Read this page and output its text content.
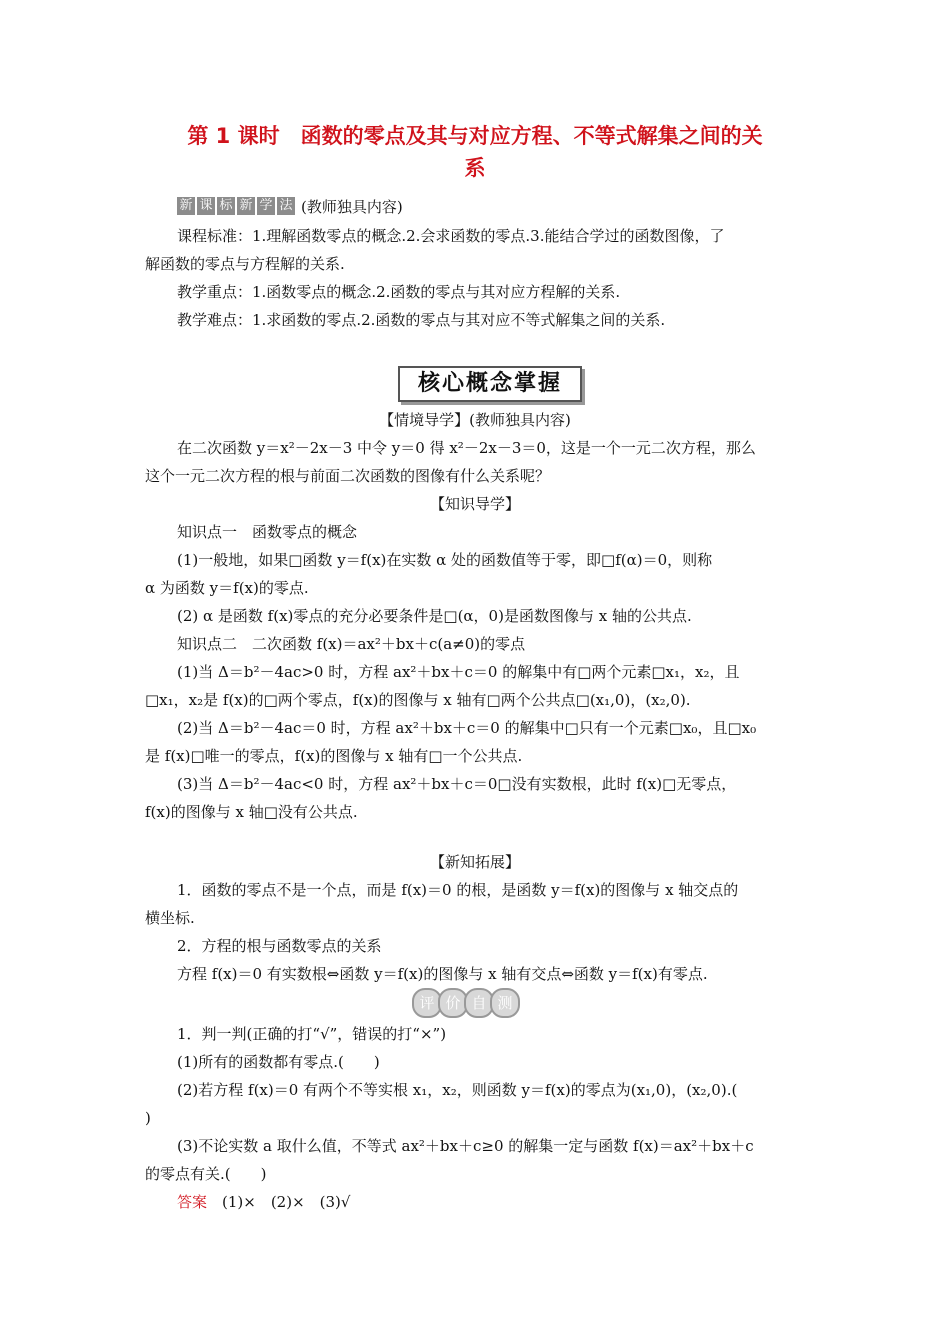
第 1 课时　函数的零点及其与对应方程、不等式解集之间的关
系
新 课 标 新 学 法 (教师独具内容)
课程标准：1.理解函数零点的概念.2.会求函数的零点.3.能结合学过的函数图像，了
解函数的零点与方程解的关系.
教学重点：1.函数零点的概念.2.函数的零点与其对应方程解的关系.
教学难点：1.求函数的零点.2.函数的零点与其对应不等式解集之间的关系.
核心概念掌握
【情境导学】(教师独具内容)
在二次函数 y＝x²－2x－3 中令 y＝0 得 x²－2x－3＝0，这是一个一元二次方程，那么
这个一元二次方程的根与前面二次函数的图像有什么关系呢？
【知识导学】
知识点一　函数零点的概念
(1)一般地，如果□函数 y＝f(x)在实数 α 处的函数值等于零，即□f(α)＝0，则称
α 为函数 y＝f(x)的零点.
(2) α 是函数 f(x)零点的充分必要条件是□(α，0)是函数图像与 x 轴的公共点.
知识点二　二次函数 f(x)＝ax²＋bx＋c(a≠0)的零点
(1)当 Δ＝b²－4ac>0 时，方程 ax²＋bx＋c＝0 的解集中有□两个元素□x₁，x₂，且
□x₁，x₂是 f(x)的□两个零点，f(x)的图像与 x 轴有□两个公共点□(x₁,0)，(x₂,0).
(2)当 Δ＝b²－4ac＝0 时，方程 ax²＋bx＋c＝0 的解集中□只有一个元素□x₀，且□x₀
是 f(x)□唯一的零点，f(x)的图像与 x 轴有□一个公共点.
(3)当 Δ＝b²－4ac<0 时，方程 ax²＋bx＋c＝0□没有实数根，此时 f(x)□无零点，
f(x)的图像与 x 轴□没有公共点.
【新知拓展】
1．函数的零点不是一个点，而是 f(x)＝0 的根，是函数 y＝f(x)的图像与 x 轴交点的
横坐标.
2．方程的根与函数零点的关系
方程 f(x)＝0 有实数根⇔函数 y＝f(x)的图像与 x 轴有交点⇔函数 y＝f(x)有零点.
评 价 自 测
1．判一判(正确的打“√”，错误的打“×”)
(1)所有的函数都有零点.(　　)
(2)若方程 f(x)＝0 有两个不等实根 x₁，x₂，则函数 y＝f(x)的零点为(x₁,0)，(x₂,0).(
)
(3)不论实数 a 取什么值，不等式 ax²＋bx＋c≥0 的解集一定与函数 f(x)＝ax²＋bx＋c
的零点有关.(　　)
答案　(1)×　(2)×　(3)√
